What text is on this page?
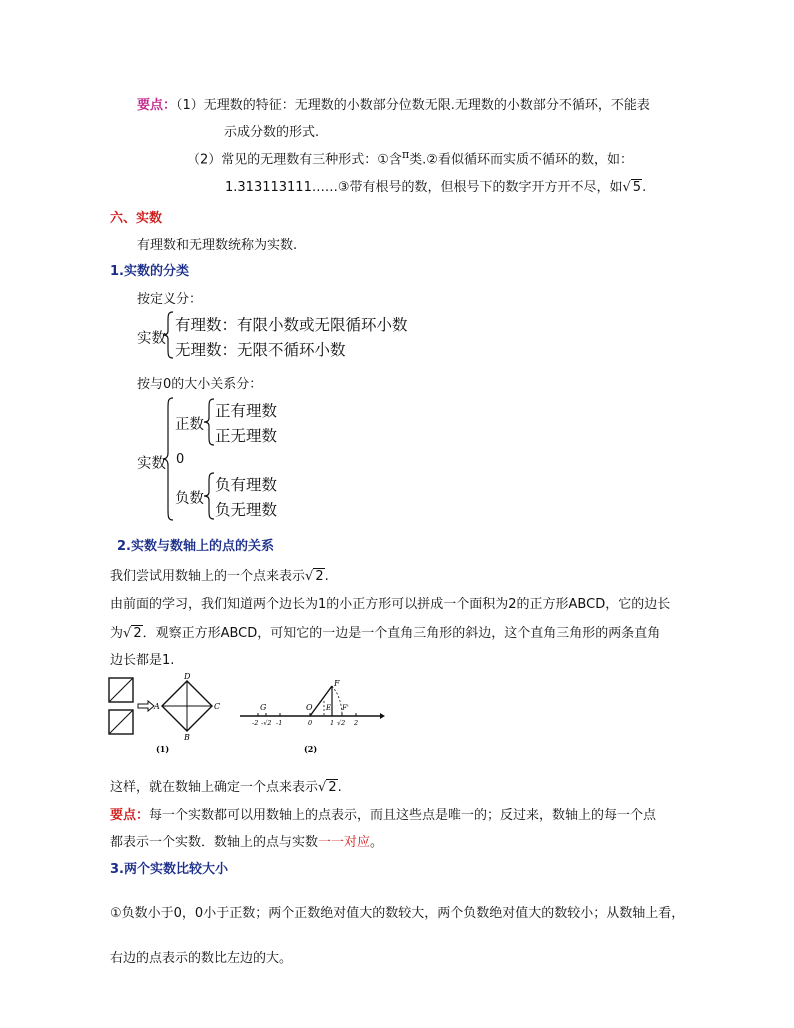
要点：（1）无理数的特征：无理数的小数部分位数无限.无理数的小数部分不循环，不能表
示成分数的形式.
（2）常见的无理数有三种形式：①含$^\pi$类.②看似循环而实质不循环的数，如：
1.313113111……③带有根号的数，但根号下的数字开方开不尽，如√ 5.
六、实数
有理数和无理数统称为实数.
1.实数的分类
按定义分：
实数
有理数：有限小数或无限循环小数
无理数：无限不循环小数
按与0的大小关系分：
实数
正数
正有理数
正无理数
0
负数
负有理数
负无理数
2.实数与数轴上的点的关系
我们尝试用数轴上的一个点来表示√ 2.
由前面的学习，我们知道两个边长为1的小正方形可以拼成一个面积为2的正方形ABCD，它的边长
为√ 2．观察正方形ABCD，可知它的一边是一个直角三角形的斜边，这个直角三角形的两条直角
边长都是1.
A
D
C
B
(1)
G	O
F
E F'
-2 -√2 -1	0	1 √2 2
(2)
这样，就在数轴上确定一个点来表示√ 2.
要点：每一个实数都可以用数轴上的点表示，而且这些点是唯一的；反过来，数轴上的每一个点
都表示一个实数．数轴上的点与实数一一对应。
3.两个实数比较大小
①负数小于0，0小于正数；两个正数绝对值大的数较大，两个负数绝对值大的数较小；从数轴上看，
右边的点表示的数比左边的大。
